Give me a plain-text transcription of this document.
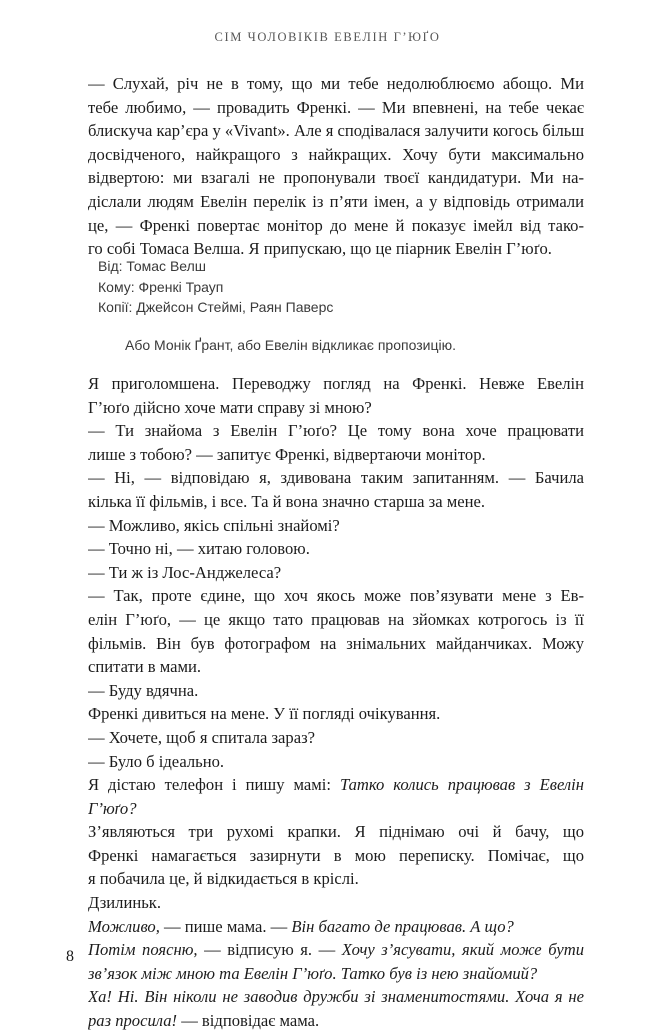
СІМ ЧОЛОВІКІВ ЕВЕЛІН Г’ЮҐО
— Слухай, річ не в тому, що ми тебе недолюблюємо абощо. Ми
тебе любимо, — провадить Френкі. — Ми впевнені, на тебе чекає
блискуча кар’єра у «Vivant». Але я сподівалася залучити когось більш
досвідченого, найкращого з найкращих. Хочу бути максимально
відвертою: ми взагалі не пропонували твоєї кандидатури. Ми на-
діслали людям Евелін перелік із п’яти імен, а у відповідь отримали
це, — Френкі повертає монітор до мене й показує імейл від тако-
го собі Томаса Велша. Я припускаю, що це піарник Евелін Г’юґо.
Від: Томас Велш
Кому: Френкі Трауп
Копії: Джейсон Стеймі, Раян Паверс
Або Монік Ґрант, або Евелін відкликає пропозицію.
Я приголомшена. Переводжу погляд на Френкі. Невже Евелін
Г’юґо дійсно хоче мати справу зі мною?
— Ти знайома з Евелін Г’юґо? Це тому вона хоче працювати
лише з тобою? — запитує Френкі, відвертаючи монітор.
— Ні, — відповідаю я, здивована таким запитанням. — Бачила
кілька її фільмів, і все. Та й вона значно старша за мене.
— Можливо, якісь спільні знайомі?
— Точно ні, — хитаю головою.
— Ти ж із Лос-Анджелеса?
— Так, проте єдине, що хоч якось може пов’язувати мене з Ев-
елін Г’юґо, — це якщо тато працював на зйомках котрогось із її
фільмів. Він був фотографом на знімальних майданчиках. Можу
спитати в мами.
— Буду вдячна.
Френкі дивиться на мене. У її погляді очікування.
— Хочете, щоб я спитала зараз?
— Було б ідеально.
Я дістаю телефон і пишу мамі: Татко колись працював з Евелін
Г’юґо?
З’являються три рухомі крапки. Я піднімаю очі й бачу, що
Френкі намагається зазирнути в мою переписку. Помічає, що
я побачила це, й відкидається в кріслі.
Дзилиньк.
Можливо, — пише мама. — Він багато де працював. А що?
Потім поясню, — відписую я. — Хочу з’ясувати, який може бути
зв’язок між мною та Евелін Г’юґо. Татко був із нею знайомий?
Ха! Ні. Він ніколи не заводив дружби зі знаменитостями. Хоча я не
раз просила! — відповідає мама.
8
